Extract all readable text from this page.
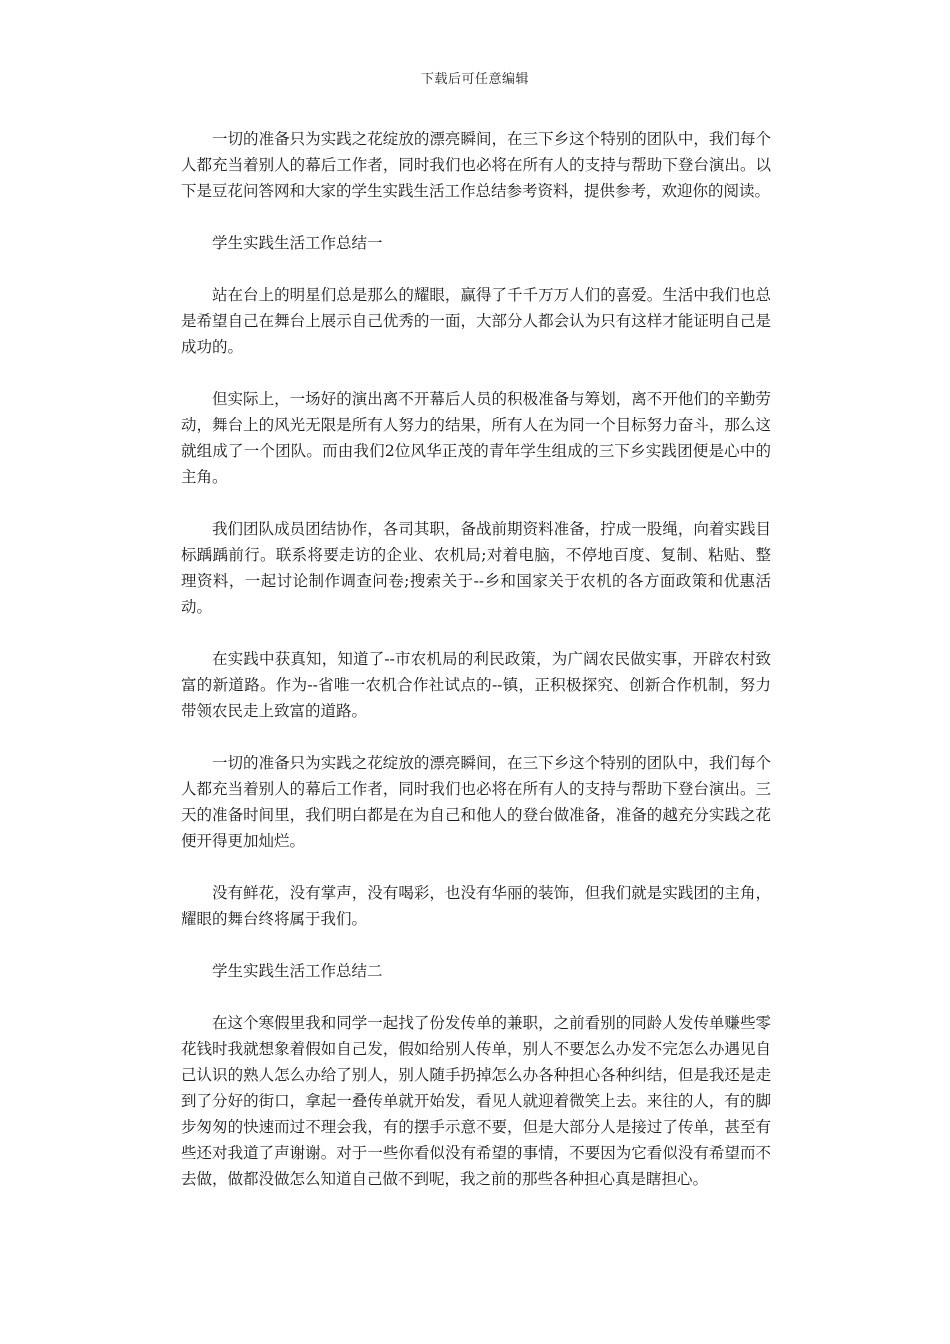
下载后可任意编辑

一切的准备只为实践之花绽放的漂亮瞬间，在三下乡这个特别的团队中，我们每个人都充当着别人的幕后工作者，同时我们也必将在所有人的支持与帮助下登台演出。以下是豆花问答网和大家的学生实践生活工作总结参考资料，提供参考，欢迎你的阅读。

学生实践生活工作总结一

站在台上的明星们总是那么的耀眼，赢得了千千万万人们的喜爱。生活中我们也总是希望自己在舞台上展示自己优秀的一面，大部分人都会认为只有这样才能证明自己是成功的。

但实际上，一场好的演出离不开幕后人员的积极准备与筹划，离不开他们的辛勤劳动，舞台上的风光无限是所有人努力的结果，所有人在为同一个目标努力奋斗，那么这就组成了一个团队。而由我们2位风华正茂的青年学生组成的三下乡实践团便是心中的主角。

我们团队成员团结协作，各司其职，备战前期资料准备，拧成一股绳，向着实践目标踽踽前行。联系将要走访的企业、农机局;对着电脑，不停地百度、复制、粘贴、整理资料，一起讨论制作调查问卷;搜索关于--乡和国家关于农机的各方面政策和优惠活动。

在实践中获真知，知道了--市农机局的利民政策，为广阔农民做实事，开辟农村致富的新道路。作为--省唯一农机合作社试点的--镇，正积极探究、创新合作机制，努力带领农民走上致富的道路。

一切的准备只为实践之花绽放的漂亮瞬间，在三下乡这个特别的团队中，我们每个人都充当着别人的幕后工作者，同时我们也必将在所有人的支持与帮助下登台演出。三天的准备时间里，我们明白都是在为自己和他人的登台做准备，准备的越充分实践之花便开得更加灿烂。

没有鲜花，没有掌声，没有喝彩，也没有华丽的装饰，但我们就是实践团的主角，耀眼的舞台终将属于我们。

学生实践生活工作总结二

在这个寒假里我和同学一起找了份发传单的兼职，之前看别的同龄人发传单赚些零花钱时我就想象着假如自己发，假如给别人传单，别人不要怎么办发不完怎么办遇见自己认识的熟人怎么办给了别人，别人随手扔掉怎么办各种担心各种纠结，但是我还是走到了分好的街口，拿起一叠传单就开始发，看见人就迎着微笑上去。来往的人，有的脚步匆匆的快速而过不理会我，有的摆手示意不要，但是大部分人是接过了传单，甚至有些还对我道了声谢谢。对于一些你看似没有希望的事情，不要因为它看似没有希望而不去做，做都没做怎么知道自己做不到呢，我之前的那些各种担心真是瞎担心。
